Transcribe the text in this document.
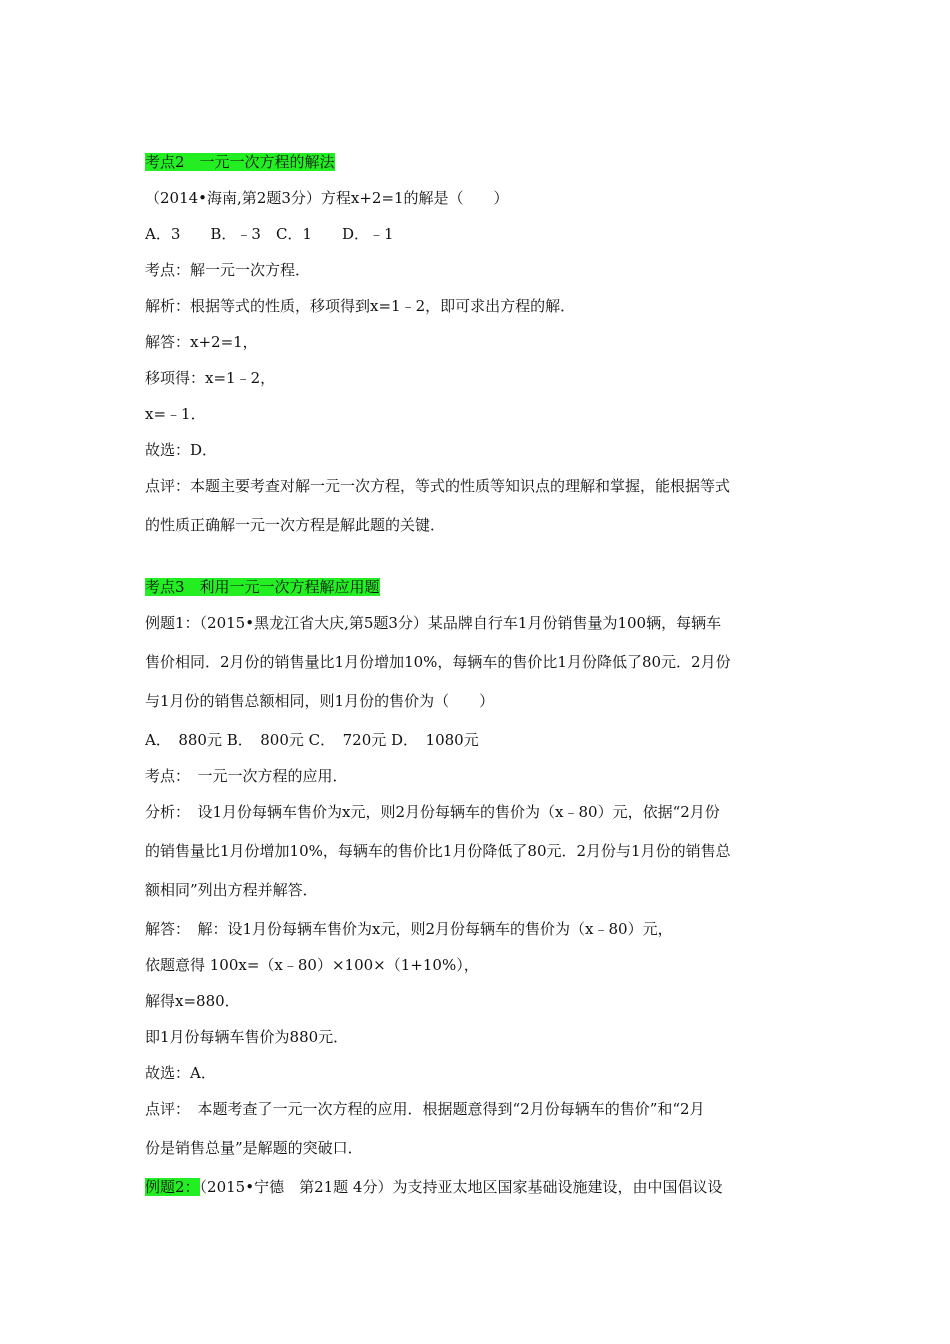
考点2　一元一次方程的解法
（2014•海南,第2题3分）方程x+2=1的解是（　　）
A．3　　B．﹣3　C．1　　D．﹣1
考点：解一元一次方程．
解析：根据等式的性质，移项得到x=1﹣2，即可求出方程的解．
解答：x+2=1，
移项得：x=1﹣2，
x=﹣1．
故选：D．
点评：本题主要考查对解一元一次方程，等式的性质等知识点的理解和掌握，能根据等式
的性质正确解一元一次方程是解此题的关键．
考点3　利用一元一次方程解应用题
例题1：（2015•黑龙江省大庆,第5题3分）某品牌自行车1月份销售量为100辆，每辆车
售价相同．2月份的销售量比1月份增加10%，每辆车的售价比1月份降低了80元．2月份
与1月份的销售总额相同，则1月份的售价为（　　）
A．　880元 B．　800元 C．　720元 D．　1080元
考点：　一元一次方程的应用．
分析：　设1月份每辆车售价为x元，则2月份每辆车的售价为（x﹣80）元，依据“2月份
的销售量比1月份增加10%，每辆车的售价比1月份降低了80元．2月份与1月份的销售总
额相同”列出方程并解答．
解答：　解：设1月份每辆车售价为x元，则2月份每辆车的售价为（x﹣80）元，
依题意得 100x=（x﹣80）×100×（1+10%），
解得x=880．
即1月份每辆车售价为880元．
故选：A．
点评：　本题考查了一元一次方程的应用．根据题意得到“2月份每辆车的售价”和“2月
份是销售总量”是解题的突破口．
例题2：（2015•宁德　第21题 4分）为支持亚太地区国家基础设施建设，由中国倡议设
